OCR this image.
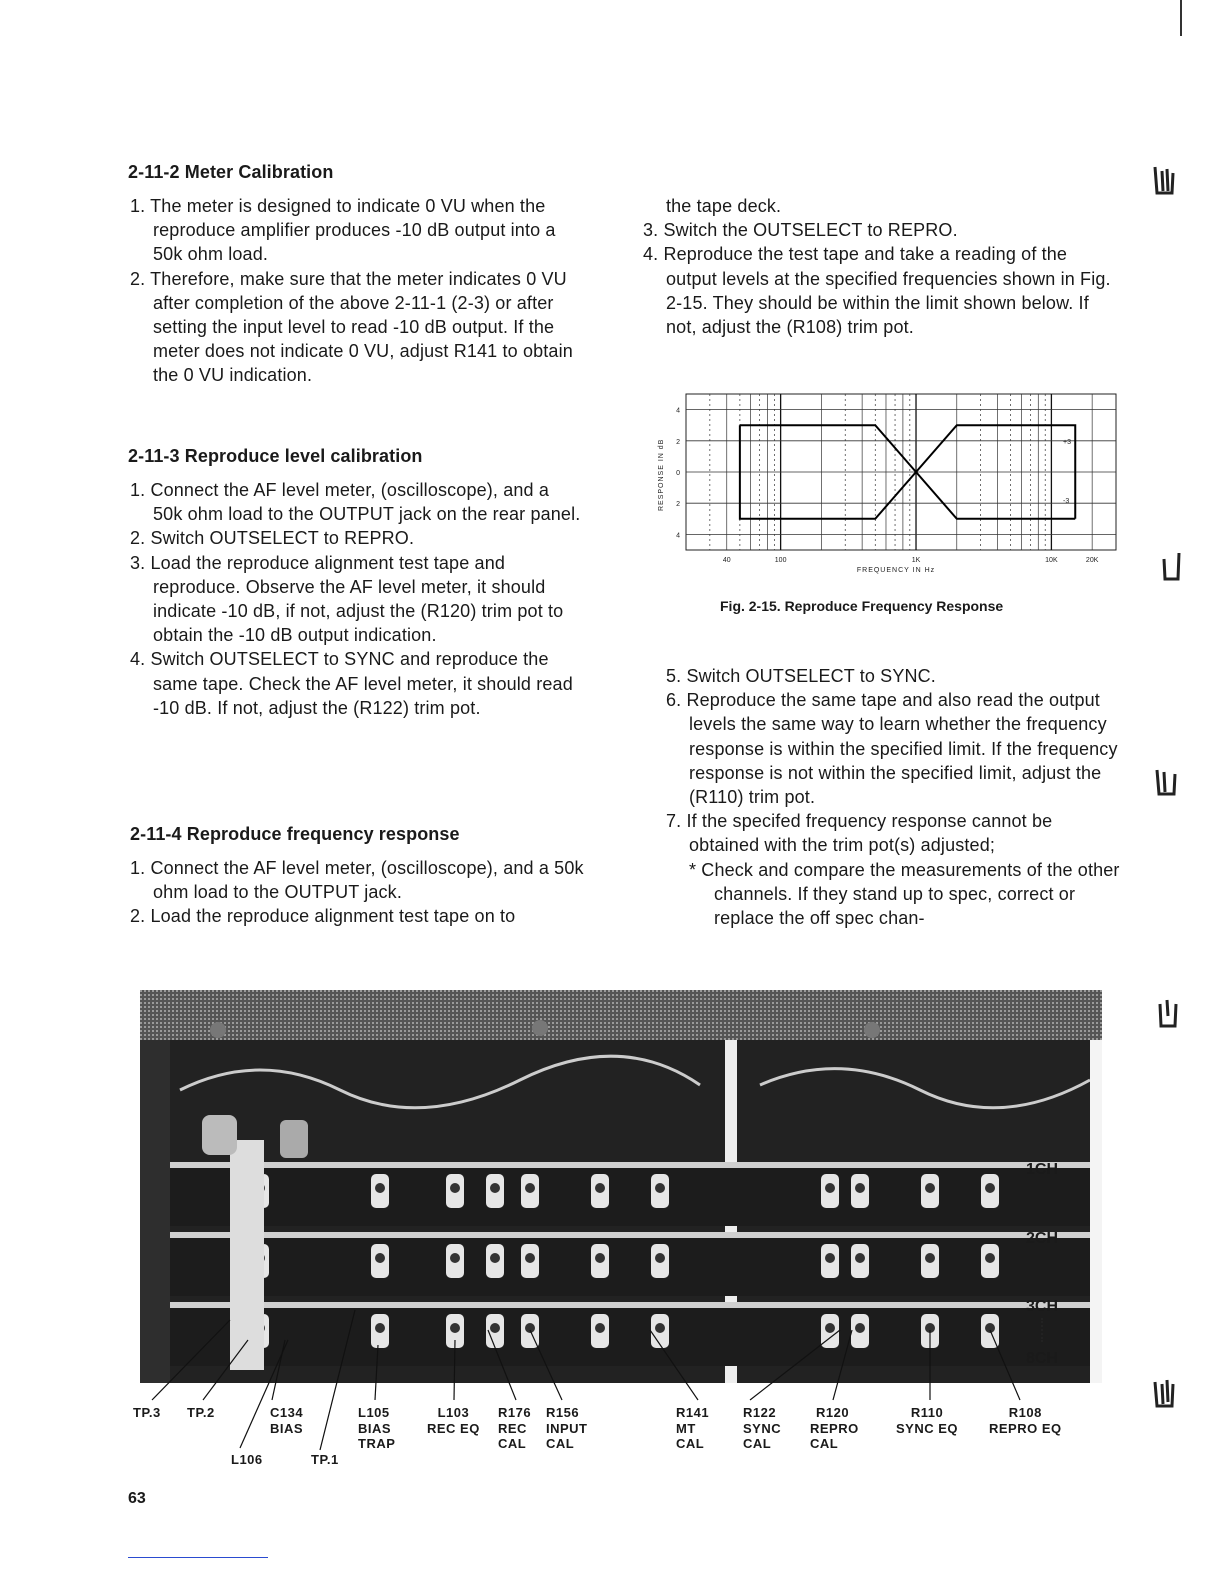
2-11-2 Meter Calibration
1. The meter is designed to indicate 0 VU when the reproduce amplifier produces -10 dB output into a 50k ohm load.
2. Therefore, make sure that the meter indicates 0 VU after completion of the above 2-11-1 (2-3) or after setting the input level to read -10 dB output. If the meter does not indicate 0 VU, adjust R141 to obtain the 0 VU indication.
2-11-3 Reproduce level calibration
1. Connect the AF level meter, (oscilloscope), and a 50k ohm load to the OUTPUT jack on the rear panel.
2. Switch OUTSELECT to REPRO.
3. Load the reproduce alignment test tape and reproduce. Observe the AF level meter, it should indicate -10 dB, if not, adjust the (R120) trim pot to obtain the -10 dB output indication.
4. Switch OUTSELECT to SYNC and reproduce the same tape. Check the AF level meter, it should read -10 dB. If not, adjust the (R122) trim pot.
2-11-4 Reproduce frequency response
1. Connect the AF level meter, (oscilloscope), and a 50k ohm load to the OUTPUT jack.
2. Load the reproduce alignment test tape on to
the tape deck.
3. Switch the OUTSELECT to REPRO.
4. Reproduce the test tape and take a reading of the output levels at the specified frequencies shown in Fig. 2-15. They should be within the limit shown below. If not, adjust the (R108) trim pot.
4
2
0
2
4
40	100	1K	10K	20K
RESPONSE IN dB
FREQUENCY IN Hz
+3
-3
Fig. 2-15. Reproduce Frequency Response
5. Switch OUTSELECT to SYNC.
6. Reproduce the same tape and also read the output levels the same way to learn whether the frequency response is within the specified limit. If the frequency response is not within the specified limit, adjust the (R110) trim pot.
7. If the specifed frequency response cannot be obtained with the trim pot(s) adjusted;
* Check and compare the measurements of the other channels. If they stand up to spec, correct or replace the off spec chan-
1CH
2CH
3CH
8CH
TP.3 TP.2	C134
BIAS
L106	TP.1
L105
BIAS
TRAP
L103
REC EQ
R176
REC
CAL
R156
INPUT
CAL
R141
MT
CAL
R122
SYNC
CAL
R120
REPRO
CAL
R110
SYNC EQ
R108
REPRO EQ
63
